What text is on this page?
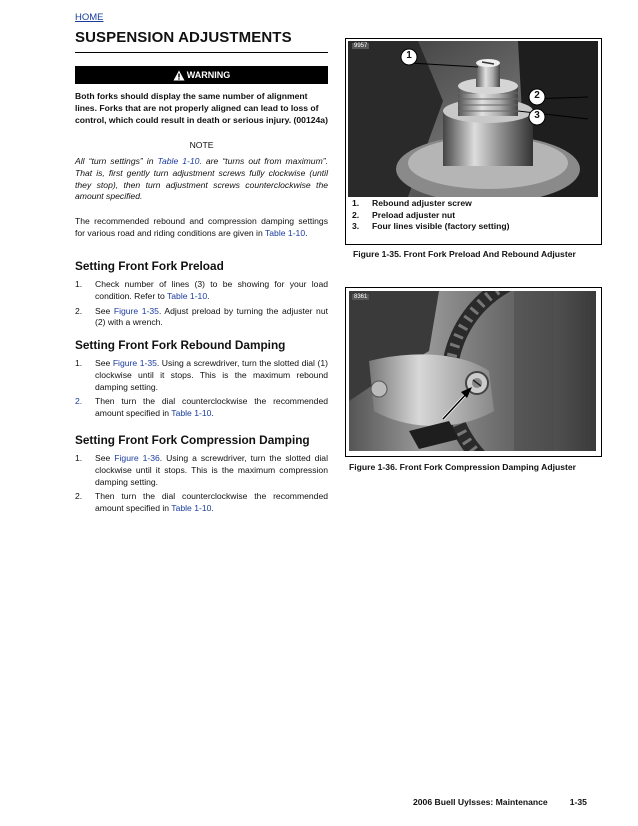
HOME
SUSPENSION ADJUSTMENTS
WARNING

Both forks should display the same number of alignment lines. Forks that are not properly aligned can lead to loss of control, which could result in death or serious injury. (00124a)

NOTE

All “turn settings” in Table 1-10. are “turns out from maximum”. That is, first gently turn adjustment screws fully clockwise (until they stop), then turn adjustment screws counterclockwise the amount specified.

The recommended rebound and compression damping settings for various road and riding conditions are given in Table 1-10.

Setting Front Fork Preload
1. Check number of lines (3) to be showing for your load condition. Refer to Table 1-10.
2. See Figure 1-35. Adjust preload by turning the adjuster nut (2) with a wrench.
Setting Front Fork Rebound Damping
1. See Figure 1-35. Using a screwdriver, turn the slotted dial (1) clockwise until it stops. This is the maximum rebound damping setting.
2. Then turn the dial counterclockwise the recommended amount specified in Table 1-10.
Setting Front Fork Compression Damping
1. See Figure 1-36. Using a screwdriver, turn the slotted dial clockwise until it stops. This is the maximum compression damping setting.
2. Then turn the dial counterclockwise the recommended amount specified in Table 1-10.
9957
1
2
3
1. Rebound adjuster screw
2. Preload adjuster nut
3. Four lines visible (factory setting)
Figure 1-35. Front Fork Preload And Rebound Adjuster
8361
Figure 1-36. Front Fork Compression Damping Adjuster
2006 Buell Uylsses: Maintenance	1-35
